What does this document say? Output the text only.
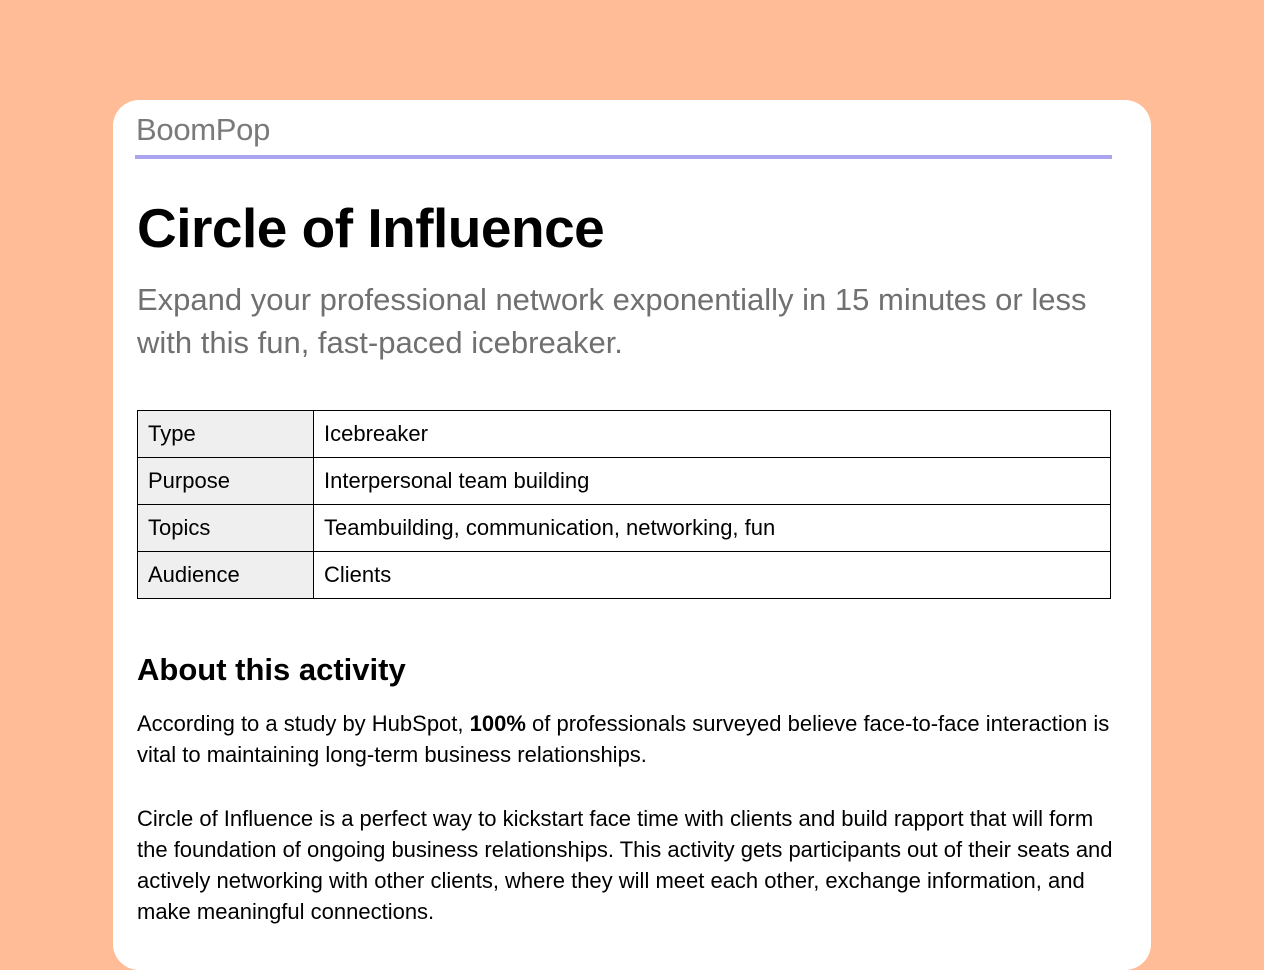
BoomPop
Circle of Influence

Expand your professional network exponentially in 15 minutes or less with this fun, fast-paced icebreaker.

Type	Icebreaker
Purpose	Interpersonal team building
Topics	Teambuilding, communication, networking, fun
Audience	Clients
About this activity

According to a study by HubSpot, 100% of professionals surveyed believe face-to-face interaction is vital to maintaining long-term business relationships.

Circle of Influence is a perfect way to kickstart face time with clients and build rapport that will form the foundation of ongoing business relationships. This activity gets participants out of their seats and actively networking with other clients, where they will meet each other, exchange information, and make meaningful connections.
